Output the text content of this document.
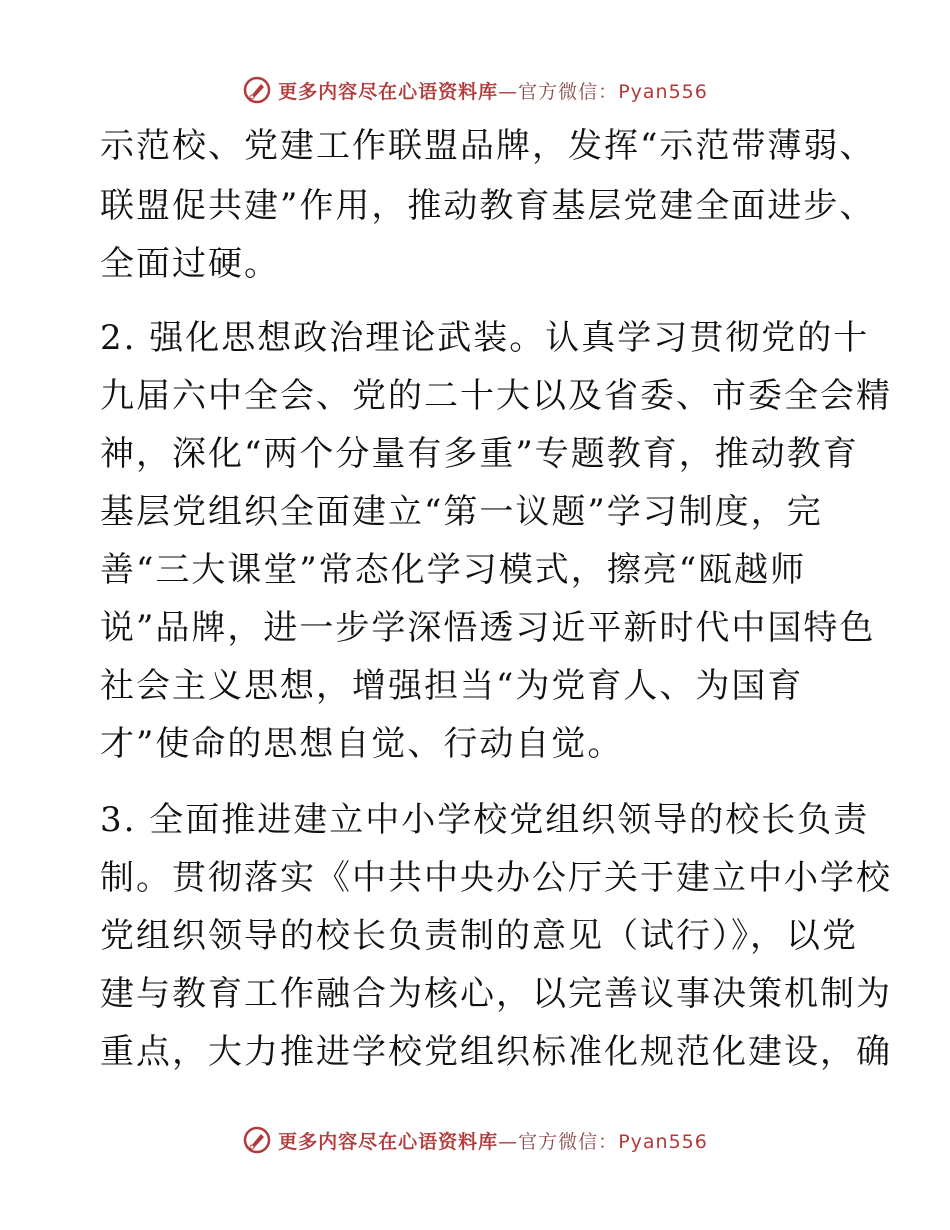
更多内容尽在心语资料库—官方微信：Pyan556
示范校、党建工作联盟品牌，发挥“示范带薄弱、
联盟促共建”作用，推动教育基层党建全面进步、
全面过硬。
2. 强化思想政治理论武装。认真学习贯彻党的十
九届六中全会、党的二十大以及省委、市委全会精
神，深化“两个分量有多重”专题教育，推动教育
基层党组织全面建立“第一议题”学习制度，完
善“三大课堂”常态化学习模式，擦亮“瓯越师
说”品牌，进一步学深悟透习近平新时代中国特色
社会主义思想，增强担当“为党育人、为国育
才”使命的思想自觉、行动自觉。
3. 全面推进建立中小学校党组织领导的校长负责
制。贯彻落实《中共中央办公厅关于建立中小学校
党组织领导的校长负责制的意见（试行）》，以党
建与教育工作融合为核心，以完善议事决策机制为
重点，大力推进学校党组织标准化规范化建设，确
更多内容尽在心语资料库—官方微信：Pyan556
